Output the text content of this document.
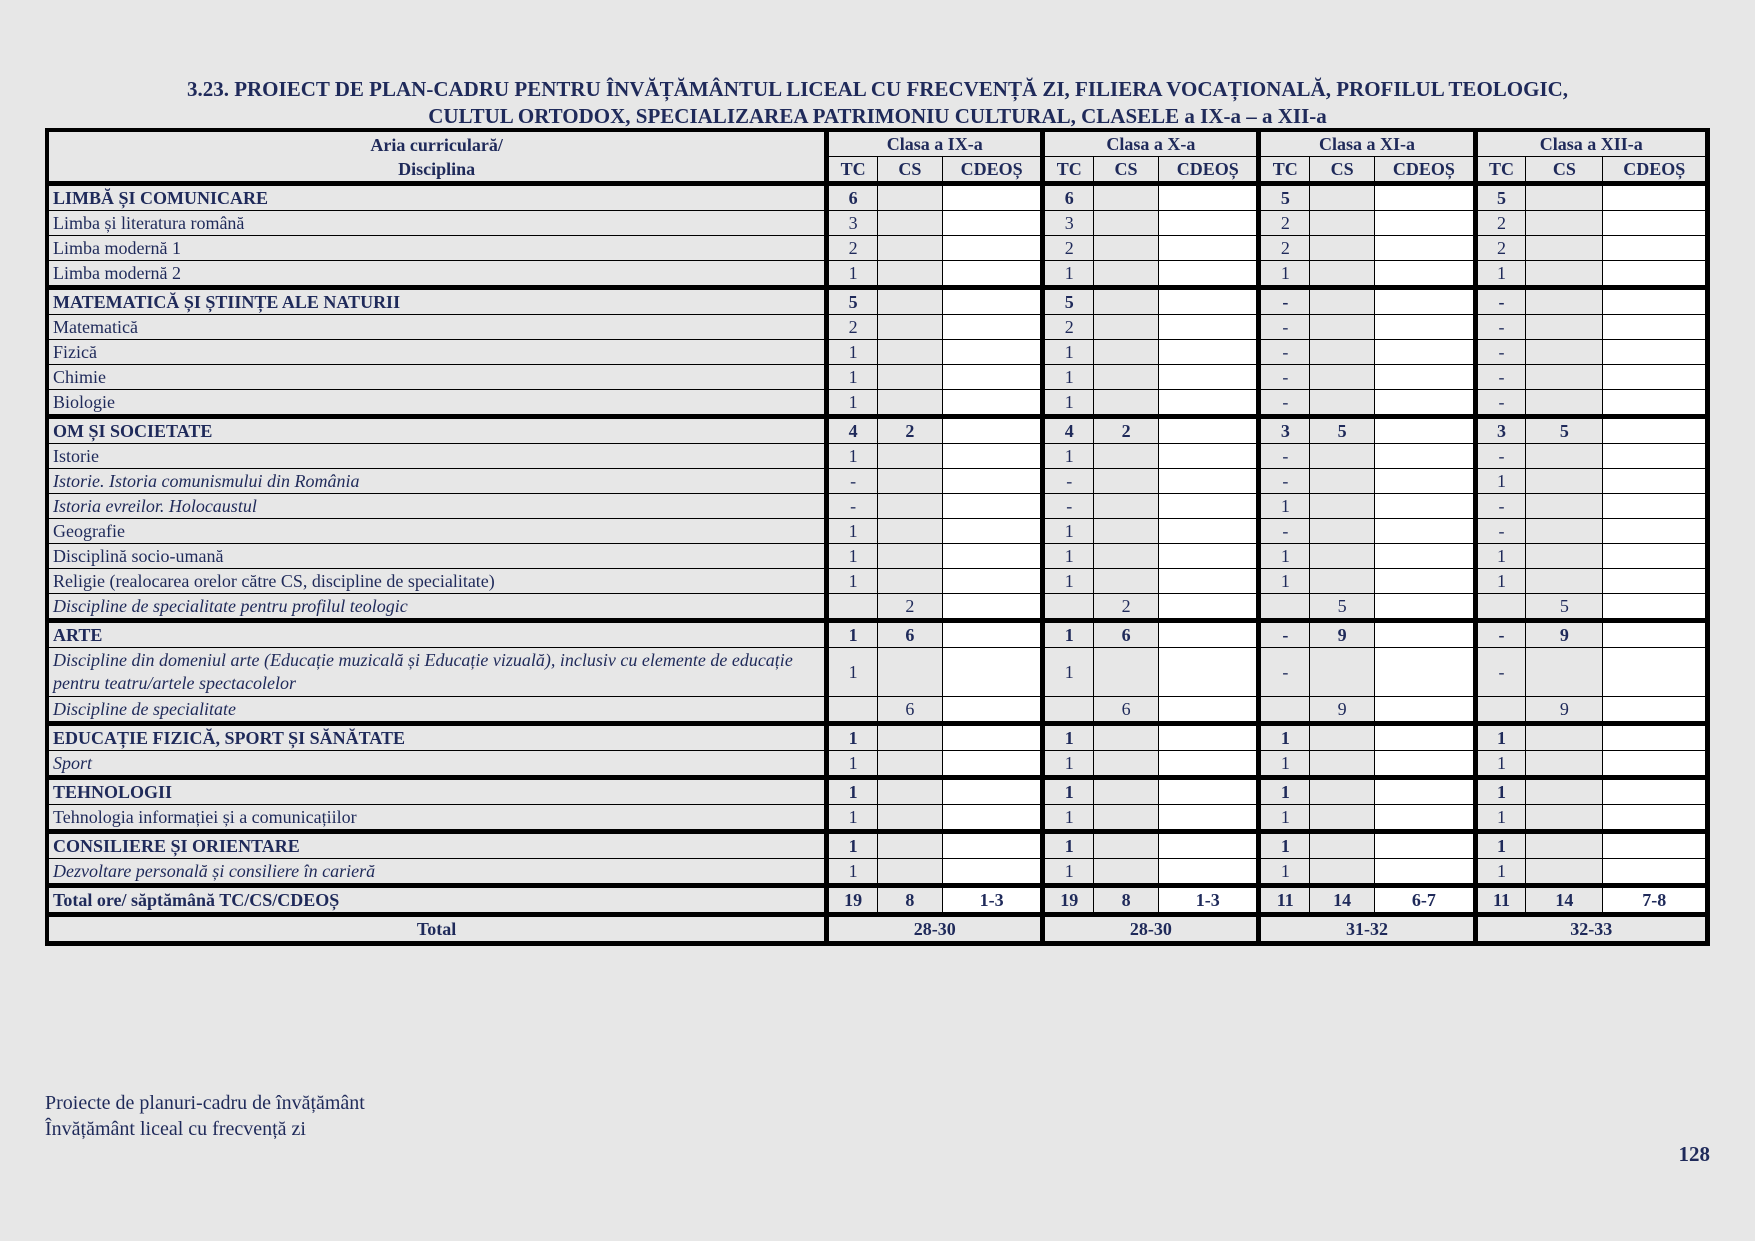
3.23. PROIECT DE PLAN-CADRU PENTRU ÎNVĂȚĂMÂNTUL LICEAL CU FRECVENȚĂ ZI, FILIERA VOCAȚIONALĂ, PROFILUL TEOLOGIC,
CULTUL ORTODOX, SPECIALIZAREA PATRIMONIU CULTURAL, CLASELE a IX-a – a XII-a
Aria curriculară/
Disciplina	Clasa a IX-a			Clasa a X-a			Clasa a XI-a			Clasa a XII-a		
	TC	CS	CDEOȘ	TC	CS	CDEOȘ	TC	CS	CDEOȘ	TC	CS	CDEOȘ
LIMBĂ ȘI COMUNICARE	6			6			5			5		
Limba și literatura română	3			3			2			2		
Limba modernă 1	2			2			2			2		
Limba modernă 2	1			1			1			1		
MATEMATICĂ ȘI ȘTIINȚE ALE NATURII	5			5			-			-		
Matematică	2			2			-			-		
Fizică	1			1			-			-		
Chimie	1			1			-			-		
Biologie	1			1			-			-		
OM ȘI SOCIETATE	4	2		4	2		3	5		3	5	
Istorie	1			1			-			-		
Istorie. Istoria comunismului din România	-			-			-			1		
Istoria evreilor. Holocaustul	-			-			1			-		
Geografie	1			1			-			-		
Disciplină socio-umană	1			1			1			1		
Religie (realocarea orelor către CS, discipline de specialitate)	1			1			1			1		
Discipline de specialitate pentru profilul teologic		2			2			5			5	
ARTE	1	6		1	6		-	9		-	9	
Discipline din domeniul arte (Educație muzicală și Educație vizuală), inclusiv cu elemente de educație pentru teatru/artele spectacolelor	1			1			-			-		
Discipline de specialitate		6			6			9			9	
EDUCAȚIE FIZICĂ, SPORT ȘI SĂNĂTATE	1			1			1			1		
Sport	1			1			1			1		
TEHNOLOGII	1			1			1			1		
Tehnologia informației și a comunicațiilor	1			1			1			1		
CONSILIERE ȘI ORIENTARE	1			1			1			1		
Dezvoltare personală și consiliere în carieră	1			1			1			1		
Total ore/ săptămână TC/CS/CDEOȘ	19	8	1-3	19	8	1-3	11	14	6-7	11	14	7-8
Total	28-30			28-30			31-32			32-33		
Proiecte de planuri-cadru de învățământ
Învățământ liceal cu frecvență zi
128
